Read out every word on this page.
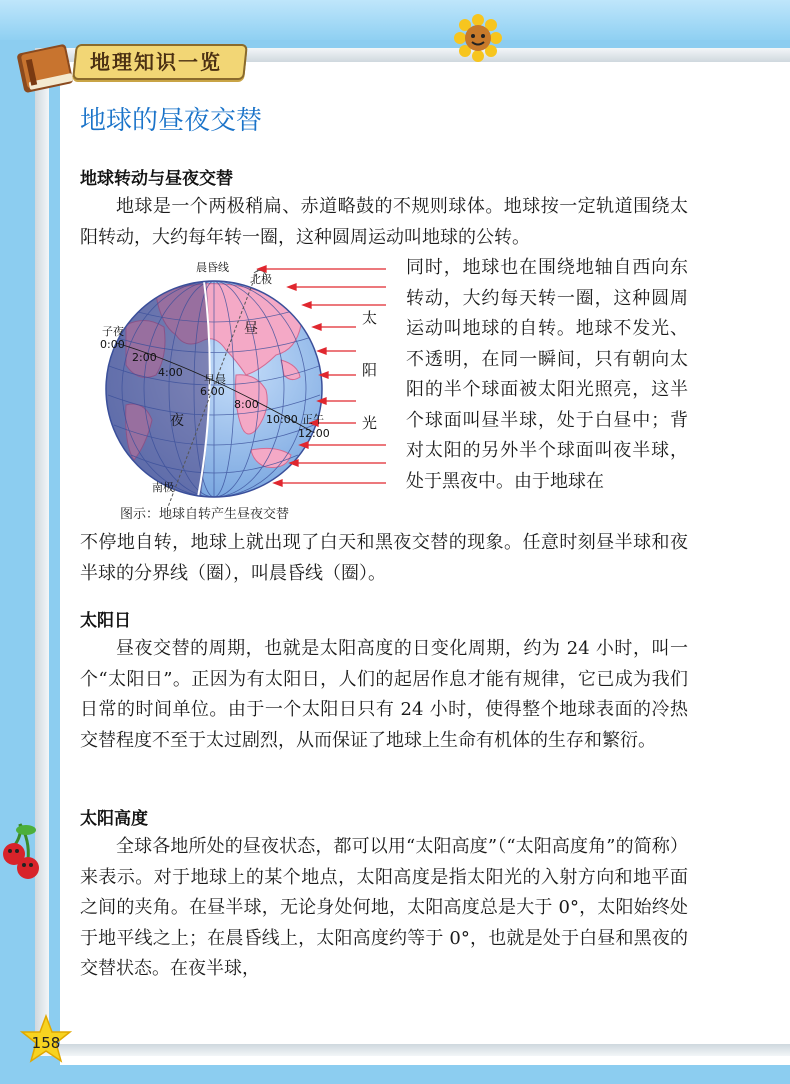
地理知识一览
158
地球的昼夜交替
地球转动与昼夜交替

地球是一个两极稍扁、赤道略鼓的不规则球体。地球按一定轨道围绕太阳转动，大约每年转一圈，这种圆周运动叫地球的公转。

同时，地球也在围绕地轴自西向东转动，大约每天转一圈，这种圆周运动叫地球的自转。地球不发光、不透明，在同一瞬间，只有朝向太阳的半个球面被太阳光照亮，这半个球面叫昼半球，处于白昼中；背对太阳的另外半个球面叫夜半球，处于黑夜中。由于地球在

不停地自转，地球上就出现了白天和黑夜交替的现象。任意时刻昼半球和夜半球的分界线（圈），叫晨昏线（圈）。

太
阳
光
晨昏线
北极
南极
昼
夜
子夜
0:00
2:00
4:00
早晨
6:00
8:00
10:00 正午
12:00
图示：地球自转产生昼夜交替
太阳日

昼夜交替的周期，也就是太阳高度的日变化周期，约为 24 小时，叫一个“太阳日”。正因为有太阳日，人们的起居作息才能有规律，它已成为我们日常的时间单位。由于一个太阳日只有 24 小时，使得整个地球表面的冷热交替程度不至于太过剧烈，从而保证了地球上生命有机体的生存和繁衍。

太阳高度

全球各地所处的昼夜状态，都可以用“太阳高度”（“太阳高度角”的简称）来表示。对于地球上的某个地点，太阳高度是指太阳光的入射方向和地平面之间的夹角。在昼半球，无论身处何地，太阳高度总是大于 0°，太阳始终处于地平线之上；在晨昏线上，太阳高度约等于 0°，也就是处于白昼和黑夜的交替状态。在夜半球，
